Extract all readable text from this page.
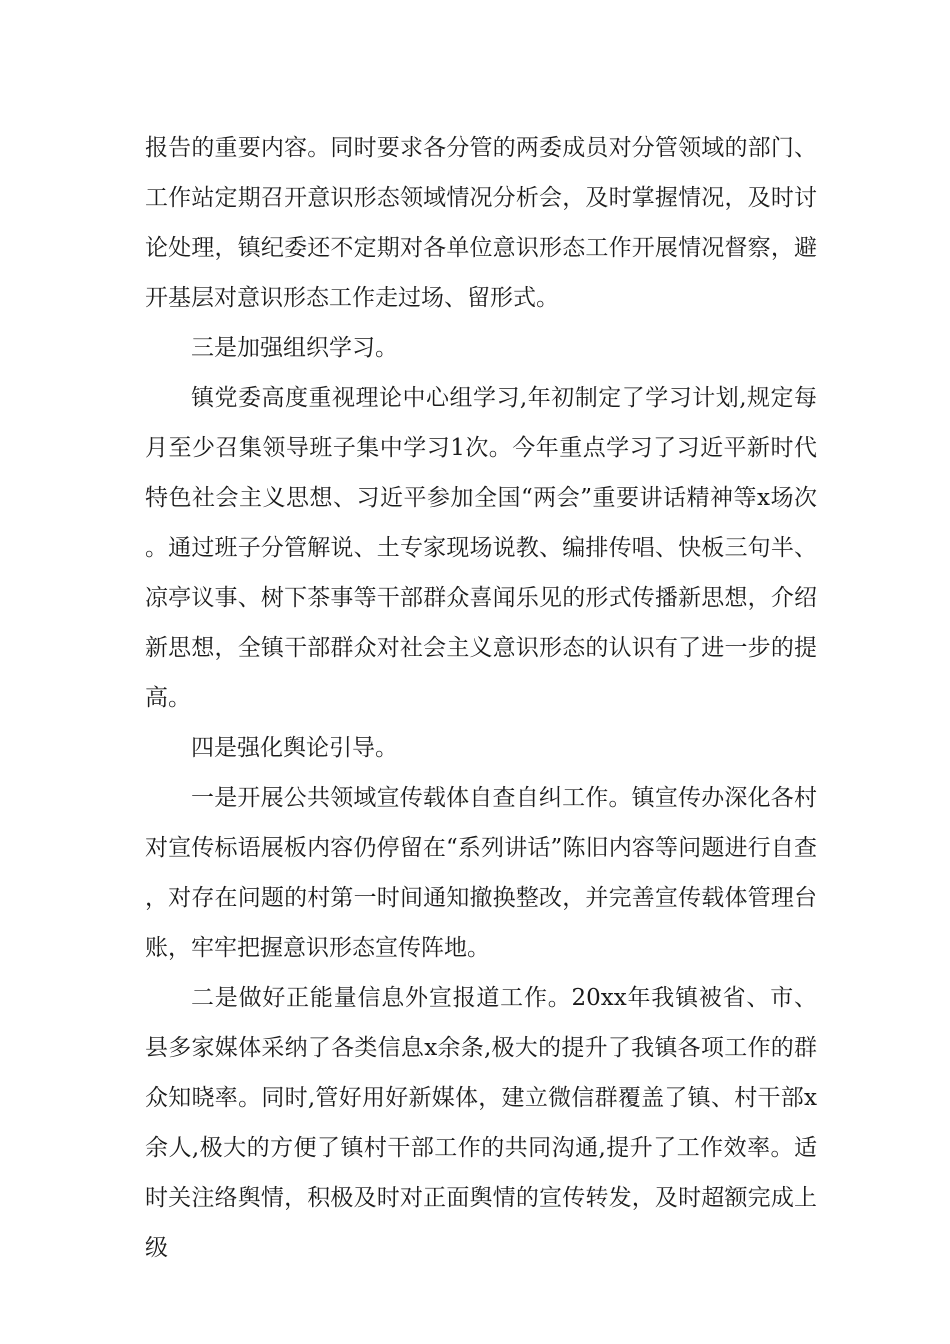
报告的重要内容。同时要求各分管的两委成员对分管领域的部门、工作站定期召开意识形态领域情况分析会，及时掌握情况，及时讨论处理，镇纪委还不定期对各单位意识形态工作开展情况督察，避开基层对意识形态工作走过场、留形式。

三是加强组织学习。

镇党委高度重视理论中心组学习,年初制定了学习计划,规定每月至少召集领导班子集中学习1次。今年重点学习了习近平新时代特色社会主义思想、习近平参加全国“两会”重要讲话精神等x场次。通过班子分管解说、土专家现场说教、编排传唱、快板三句半、凉亭议事、树下茶事等干部群众喜闻乐见的形式传播新思想，介绍新思想，全镇干部群众对社会主义意识形态的认识有了进一步的提高。

四是强化舆论引导。

一是开展公共领域宣传载体自查自纠工作。镇宣传办深化各村对宣传标语展板内容仍停留在“系列讲话”陈旧内容等问题进行自查，对存在问题的村第一时间通知撤换整改，并完善宣传载体管理台账，牢牢把握意识形态宣传阵地。

二是做好正能量信息外宣报道工作。20xx年我镇被省、市、县多家媒体采纳了各类信息x余条,极大的提升了我镇各项工作的群众知晓率。同时,管好用好新媒体，建立微信群覆盖了镇、村干部x余人,极大的方便了镇村干部工作的共同沟通,提升了工作效率。适时关注络舆情，积极及时对正面舆情的宣传转发，及时超额完成上级
